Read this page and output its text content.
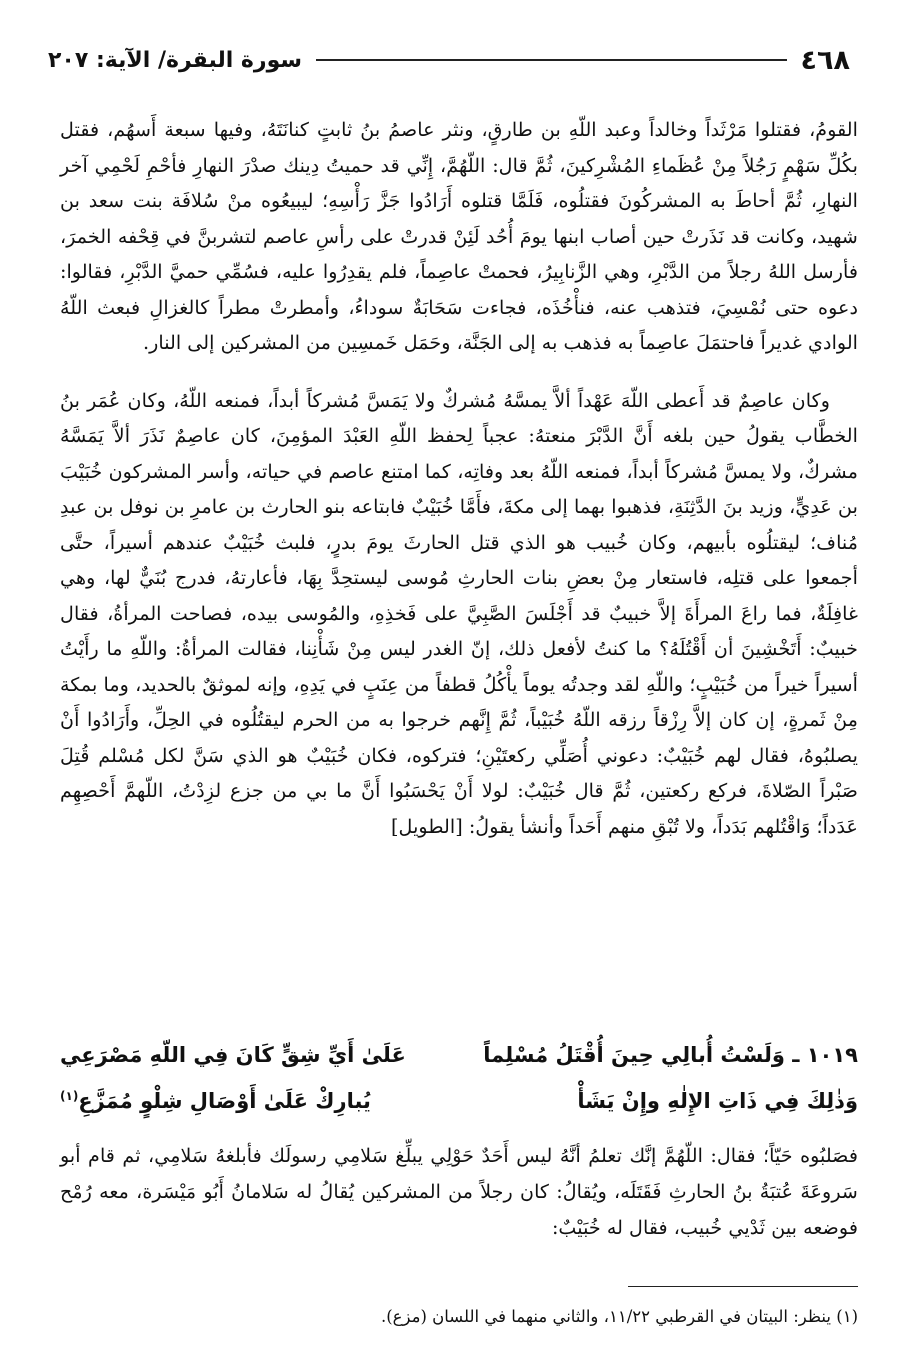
سورة البقرة/ الآية: ٢٠٧	٤٦٨

القومُ، فقتلوا مَرْثَداً وخالداً وعبد اللّهِ بن طارقٍ، ونثر عاصمُ بنُ ثابتٍ كنانَتَهُ، وفيها سبعة أَسهُم، فقتل بكُلِّ سَهْمٍ رَجُلاً مِنْ عُظَماءِ المُشْرِكينَ، ثُمَّ قال: اللّهُمَّ، إِنِّي قد حميتُ دِينك صدْرَ النهارِ فأحْمِ لَحْمِي آخر النهارِ، ثُمَّ أحاطَ به المشركُونَ فقتلُوه، فَلَمَّا قتلوه أَرَادُوا جَزَّ رَأْسِهِ؛ ليبيعُوه منْ سُلافَة بنت سعد بن شهيد، وكانت قد نَذَرتْ حين أصاب ابنها يومَ أُحُد لَئِنْ قدرتْ على رأسِ عاصم لتشربنَّ في قِحْفه الخمرَ، فأرسل اللهُ رجلاً من الدَّبْرِ، وهي الزَّنابِيرُ، فحمتْ عاصِماً، فلم يقدِرُوا عليه، فسُمِّي حميَّ الدَّبْرِ، فقالوا: دعوه حتى نُمْسِيَ، فتذهب عنه، فنأْخُذَه، فجاءت سَحَابَةٌ سوداءُ، وأمطرتْ مطراً كالغزالِ فبعث اللّهُ الوادي غديراً فاحتمَلَ عاصِماً به فذهب به إلى الجَنَّة، وحَمَل خَمسِين من المشركين إلى النار.

وكان عاصِمٌ قد أَعطى اللّهَ عَهْداً ألاَّ يمسَّهُ مُشركٌ ولا يَمَسَّ مُشركاً أبداً، فمنعه اللّهُ، وكان عُمَر بنُ الخطَّاب يقولُ حين بلغه أَنَّ الدَّبْرَ منعتهُ: عجباً لِحفظ اللّهِ العَبْدَ المؤمِنَ، كان عاصِمٌ نَذَرَ ألاَّ يَمَسَّهُ مشركٌ، ولا يمسَّ مُشركاً أبداً، فمنعه اللّهُ بعد وفاتِه، كما امتنع عاصم في حياته، وأسر المشركون خُبَيْبَ بن عَدِيٍّ، وزيد بنَ الدَّثِنَةِ، فذهبوا بهما إلى مكةَ، فأَمَّا خُبَيْبٌ فابتاعه بنو الحارث بن عامرِ بن نوفل بن عبدِ مُناف؛ ليقتلُوه بأبيهم، وكان خُبيب هو الذي قتل الحارثَ يومَ بدرٍ، فلبث خُبَيْبٌ عندهم أسيراً، حتَّى أجمعوا على قتلِه، فاستعار مِنْ بعضِ بنات الحارثِ مُوسى ليستحِدَّ بِهَا، فأعارتهُ، فدرج بُنَيٌّ لها، وهي غافِلَةٌ، فما راعَ المرأَةَ إلاَّ خبيبٌ قد أَجْلَسَ الصَّبِيَّ على فَخذِهِ، والمُوسى بيده، فصاحت المرأةُ، فقال خبيبٌ: أَتَخْشِينَ أن أَقْتُلَهُ؟ ما كنتُ لأفعل ذلك، إنّ الغدر ليس مِنْ شَأْنِنا، فقالت المرأةُ: واللّهِ ما رأَيْتُ أسيراً خيراً من خُبَيْبٍ؛ واللّهِ لقد وجدتُه يوماً يأْكُلُ قطفاً من عِنَبٍ في يَدِهِ، وإنه لموثقٌ بالحديد، وما بمكة مِنْ ثَمرةٍ، إن كان إلاَّ رِزْقاً رزقه اللّهُ خُبَيْباً، ثُمَّ إِنَّهم خرجوا به من الحرم ليقتُلُوه في الحِلِّ، وأَرَادُوا أَنْ يصلبُوهُ، فقال لهم خُبَيْبٌ: دعوني أُصَلِّي ركعتَيْنِ؛ فتركوه، فكان خُبَيْبٌ هو الذي سَنَّ لكل مُسْلم قُتِلَ صَبْراً الصّلاةَ، فركع ركعتين، ثُمَّ قال خُبَيْبٌ: لولا أَنْ يَحْسَبُوا أَنَّ ما بي من جزع لزِدْتُ، اللّهمَّ أَحْصِهِم عَدَداً؛ وَاقْتُلهم بَدَداً، ولا تُبْقِ منهم أَحَداً وأنشأ يقولُ: [الطويل]

١٠١٩ ـ وَلَسْتُ أُبالِي حِينَ أُقْتَلُ مُسْلِماً
عَلَىٰ أَيِّ شِقٍّ كَانَ فِي اللّهِ مَصْرَعِي
وَذٰلِكَ فِي ذَاتِ الإِلٰهِ وإِنْ يَشَأْ
يُبارِكْ عَلَىٰ أَوْصَالِ شِلْوٍ مُمَزَّعِ$^{(١)}$

فصَلبُوه حَيّاً؛ فقال: اللّهُمَّ إنَّك تعلمُ أنَّهُ ليس أَحَدٌ حَوْلِي يبلِّغ سَلامِي رسولَك فأبلغهُ سَلامِي، ثم قام أبو سَروعَةَ عُتبَةُ بنُ الحارثِ فَقَتَلَه، ويُقالُ: كان رجلاً من المشركين يُقالُ له سَلامانُ أَبُو مَيْسَرة، معه رُمْح فوضعه بين ثَدْيي خُبيب، فقال له خُبَيْبٌ:

(١) ينظر: البيتان في القرطبي ١١/٢٢، والثاني منهما في اللسان (مزع).
